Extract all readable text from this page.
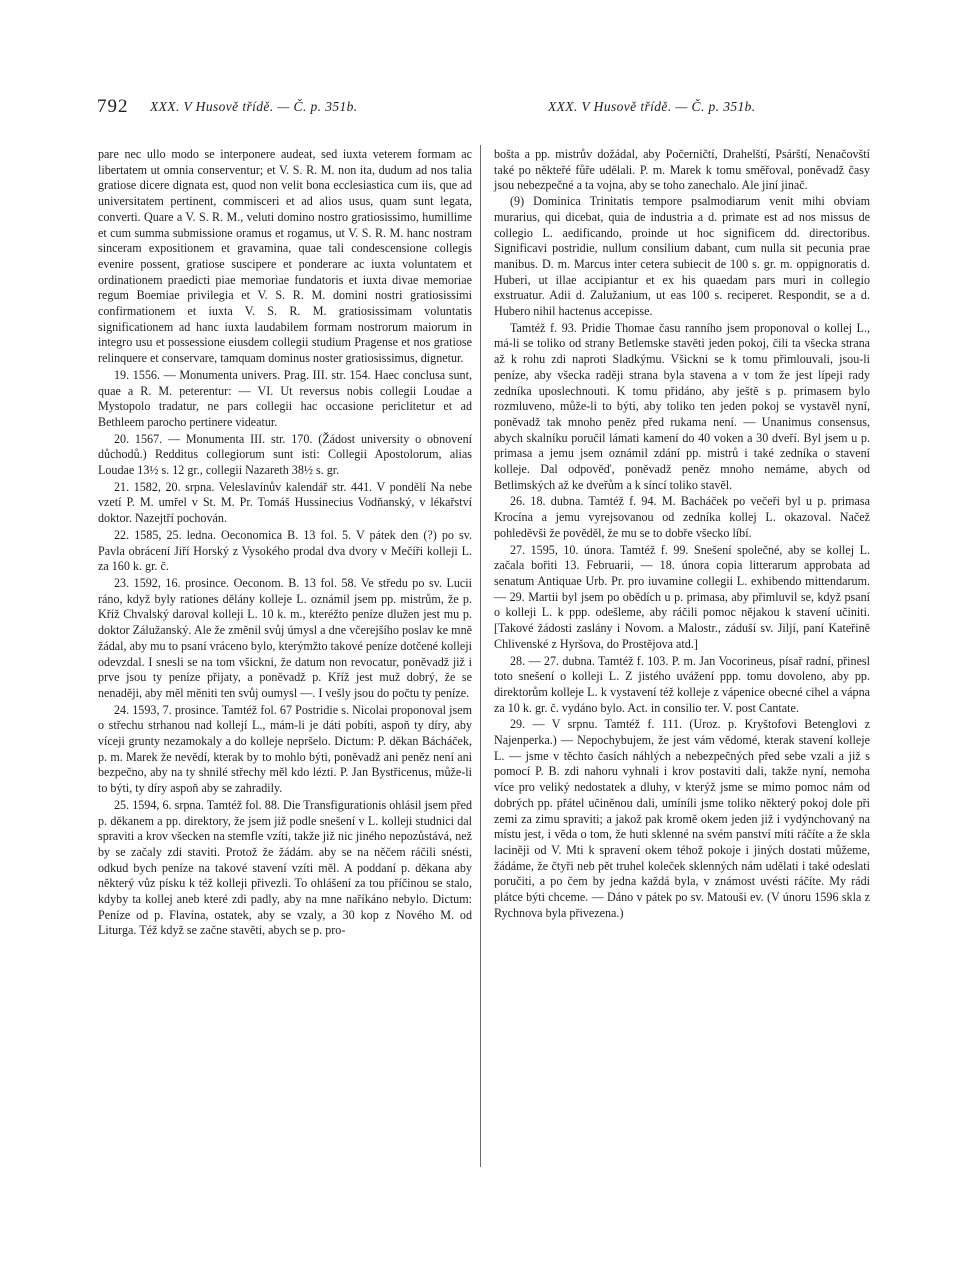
792 XXX. V Husově třídě. — Č. p. 351b.	XXX. V Husově třídě. — Č. p. 351b.

pare nec ullo modo se interponere audeat, sed iuxta veterem formam ac libertatem ut omnia conserventur; et V. S. R. M. non ita, dudum ad nos talia gratiose dicere dignata est, quod non velit bona ecclesiastica cum iis, que ad universitatem pertinent, commisceri et ad alios usus, quam sunt legata, converti. Quare a V. S. R. M., veluti domino nostro gratiosissimo, humillime et cum summa submissione oramus et rogamus, ut V. S. R. M. hanc nostram sinceram expositionem et gravamina, quae tali condescensione collegis evenire possent, gratiose suscipere et ponderare ac iuxta voluntatem et ordinationem praedicti piae memoriae fundatoris et iuxta divae memoriae regum Boemiae privilegia et V. S. R. M. domini nostri gratiosissimi confirmationem et iuxta V. S. R. M. gratiosissimam voluntatis significationem ad hanc iuxta laudabilem formam nostrorum maiorum in integro usu et possessione eiusdem collegii studium Pragense et nos gratiose relinquere et conservare, tamquam dominus noster gratiosissimus, dignetur.

19. 1556. — Monumenta univers. Prag. III. str. 154. Haec conclusa sunt, quae a R. M. peterentur: — VI. Ut reversus nobis collegii Loudae a Mystopolo tradatur, ne pars collegii hac occasione periclitetur et ad Bethleem parocho pertinere videatur.

20. 1567. — Monumenta III. str. 170. (Žádost university o obnovení důchodů.) Redditus collegiorum sunt isti: Collegii Apostolorum, alias Loudae 13½ s. 12 gr., collegii Nazareth 38½ s. gr.

21. 1582, 20. srpna. Veleslavínův kalendář str. 441. V pondělí Na nebe vzetí P. M. umřel v St. M. Pr. Tomáš Hussinecius Vodňanský, v lékařství doktor. Nazejtří pochován.

22. 1585, 25. ledna. Oeconomica B. 13 fol. 5. V pátek den (?) po sv. Pavla obrácení Jiří Horský z Vysokého prodal dva dvory v Mečíři kolleji L. za 160 k. gr. č.

23. 1592, 16. prosince. Oeconom. B. 13 fol. 58. Ve středu po sv. Lucii ráno, když byly rationes dělány kolleje L. oznámil jsem pp. mistrům, že p. Kříž Chvalský daroval kolleji L. 10 k. m., kteréžto peníze dlužen jest mu p. doktor Zálužanský. Ale že změnil svůj úmysl a dne včerejšího poslav ke mně žádal, aby mu to psaní vráceno bylo, kterýmžto takové peníze dotčené kolleji odevzdal. I snesli se na tom všickni, že datum non revocatur, poněvadž již i prve jsou ty peníze přijaty, a poněvadž p. Kříž jest muž dobrý, že se nenaději, aby měl měniti ten svůj oumysl —. I vešly jsou do počtu ty peníze.

24. 1593, 7. prosince. Tamtéž fol. 67 Postridie s. Nicolai proponoval jsem o střechu strhanou nad kollejí L., mám-li je dáti pobíti, aspoň ty díry, aby víceji grunty nezamokaly a do kolleje nepršelo. Dictum: P. děkan Bácháček, p. m. Marek že nevědí, kterak by to mohlo býti, poněvadž ani peněz není ani bezpečno, aby na ty shnilé střechy měl kdo lézti. P. Jan Bystřicenus, může-li to býti, ty díry aspoň aby se zahradily.

25. 1594, 6. srpna. Tamtéž fol. 88. Die Transfigurationis ohlásil jsem před p. děkanem a pp. direktory, že jsem již podle snešení v L. kolleji studnici dal spraviti a krov všecken na stemfle vzíti, takže již nic jiného nepozůstává, než by se začaly zdi staviti. Protož že žádám. aby se na něčem ráčili snésti, odkud bych peníze na takové stavení vzíti měl. A poddaní p. děkana aby některý vůz písku k též kolleji přivezli. To ohlášení za tou příčinou se stalo, kdyby ta kollej aneb které zdi padly, aby na mne naříkáno nebylo. Dictum: Peníze od p. Flavína, ostatek, aby se vzaly, a 30 kop z Nového M. od Liturga. Též když se začne stavěti, abych se p. pro-

bošta a pp. mistrův dožádal, aby Počerničtí, Drahelští, Psárští, Nenačovští také po někteřé fůře udělali. P. m. Marek k tomu směřoval, poněvadž časy jsou nebezpečné a ta vojna, aby se toho zanechalo. Ale jiní jinač.

(9) Dominica Trinitatis tempore psalmodiarum venit mihi obviam murarius, qui dicebat, quia de industria a d. primate est ad nos missus de collegio L. aedificando, proinde ut hoc significem dd. directoribus. Significavi postridie, nullum consilium dabant, cum nulla sit pecunia prae manibus. D. m. Marcus inter cetera subiecit de 100 s. gr. m. oppignoratis d. Huberi, ut illae accipiantur et ex his quaedam pars muri in collegio exstruatur. Adii d. Zalužanium, ut eas 100 s. reciperet. Respondit, se a d. Hubero nihil hactenus accepisse.

Tamtéž f. 93. Pridie Thomae času ranního jsem proponoval o kollej L., má-li se toliko od strany Betlemske stavěti jeden pokoj, čili ta všecka strana až k rohu zdi naproti Sladkýmu. Všickni se k tomu přimlouvali, jsou-li peníze, aby všecka raději strana byla stavena a v tom že jest lípeji rady zedníka uposlechnouti. K tomu přidáno, aby ještě s p. primasem bylo rozmluveno, může-li to býti, aby toliko ten jeden pokoj se vystavěl nyní, poněvadž tak mnoho peněz před rukama není. — Unanimus consensus, abych skalníku poručil lámati kamení do 40 voken a 30 dveří. Byl jsem u p. primasa a jemu jsem oznámil zdání pp. mistrů i také zedníka o stavení kolleje. Dal odpověď, poněvadž peněz mnoho nemáme, abych od Betlimských až ke dveřům a k síncí toliko stavěl.

26. 18. dubna. Tamtéž f. 94. M. Bacháček po večeři byl u p. primasa Krocína a jemu vyrejsovanou od zedníka kollej L. okazoval. Načež pohleděvši že pověděl, že mu se to dobře všecko líbí.

27. 1595, 10. února. Tamtéž f. 99. Snešení společné, aby se kollej L. začala bořiti 13. Februarii, — 18. února copia litterarum approbata ad senatum Antiquae Urb. Pr. pro iuvamine collegii L. exhibendo mittendarum. — 29. Martii byl jsem po obědích u p. primasa, aby přimluvil se, když psaní o kolleji L. k ppp. odešleme, aby ráčili pomoc nějakou k stavení učiniti. [Takové žádosti zaslány i Novom. a Malostr., záduší sv. Jiljí, paní Kateřině Chlivenské z Hyršova, do Prostějova atd.]

28. — 27. dubna. Tamtéž f. 103. P. m. Jan Vocorineus, písař radní, přinesl toto snešení o kolleji L. Z jistého uvážení ppp. tomu dovoleno, aby pp. direktorům kolleje L. k vystavení též kolleje z vápenice obecné cihel a vápna za 10 k. gr. č. vydáno bylo. Act. in consilio ter. V. post Cantate.

29. — V srpnu. Tamtéž f. 111. (Uroz. p. Kryštofovi Betenglovi z Najenperka.) — Nepochybujem, že jest vám vědomé, kterak stavení kolleje L. — jsme v těchto časích náhlých a nebezpečných před sebe vzali a již s pomocí P. B. zdi nahoru vyhnali i krov postaviti dali, takže nyní, nemoha více pro veliký nedostatek a dluhy, v kterýž jsme se mimo pomoc nám od dobrých pp. přátel učiněnou dali, umíníli jsme toliko některý pokoj dole při zemi za zimu spraviti; a jakož pak kromě okem jeden již i vydýnchovaný na místu jest, i věda o tom, že huti sklenné na svém panství míti ráčíte a že skla laciněji od V. Mti k spravení okem téhož pokoje i jiných dostati můžeme, žádáme, že čtyři neb pět truhel koleček sklenných nám udělati i také odeslati poručiti, a po čem by jedna každá byla, v známost uvésti ráčíte. My rádi plátce býti chceme. — Dáno v pátek po sv. Matouši ev. (V únoru 1596 skla z Rychnova byla přivezena.)
